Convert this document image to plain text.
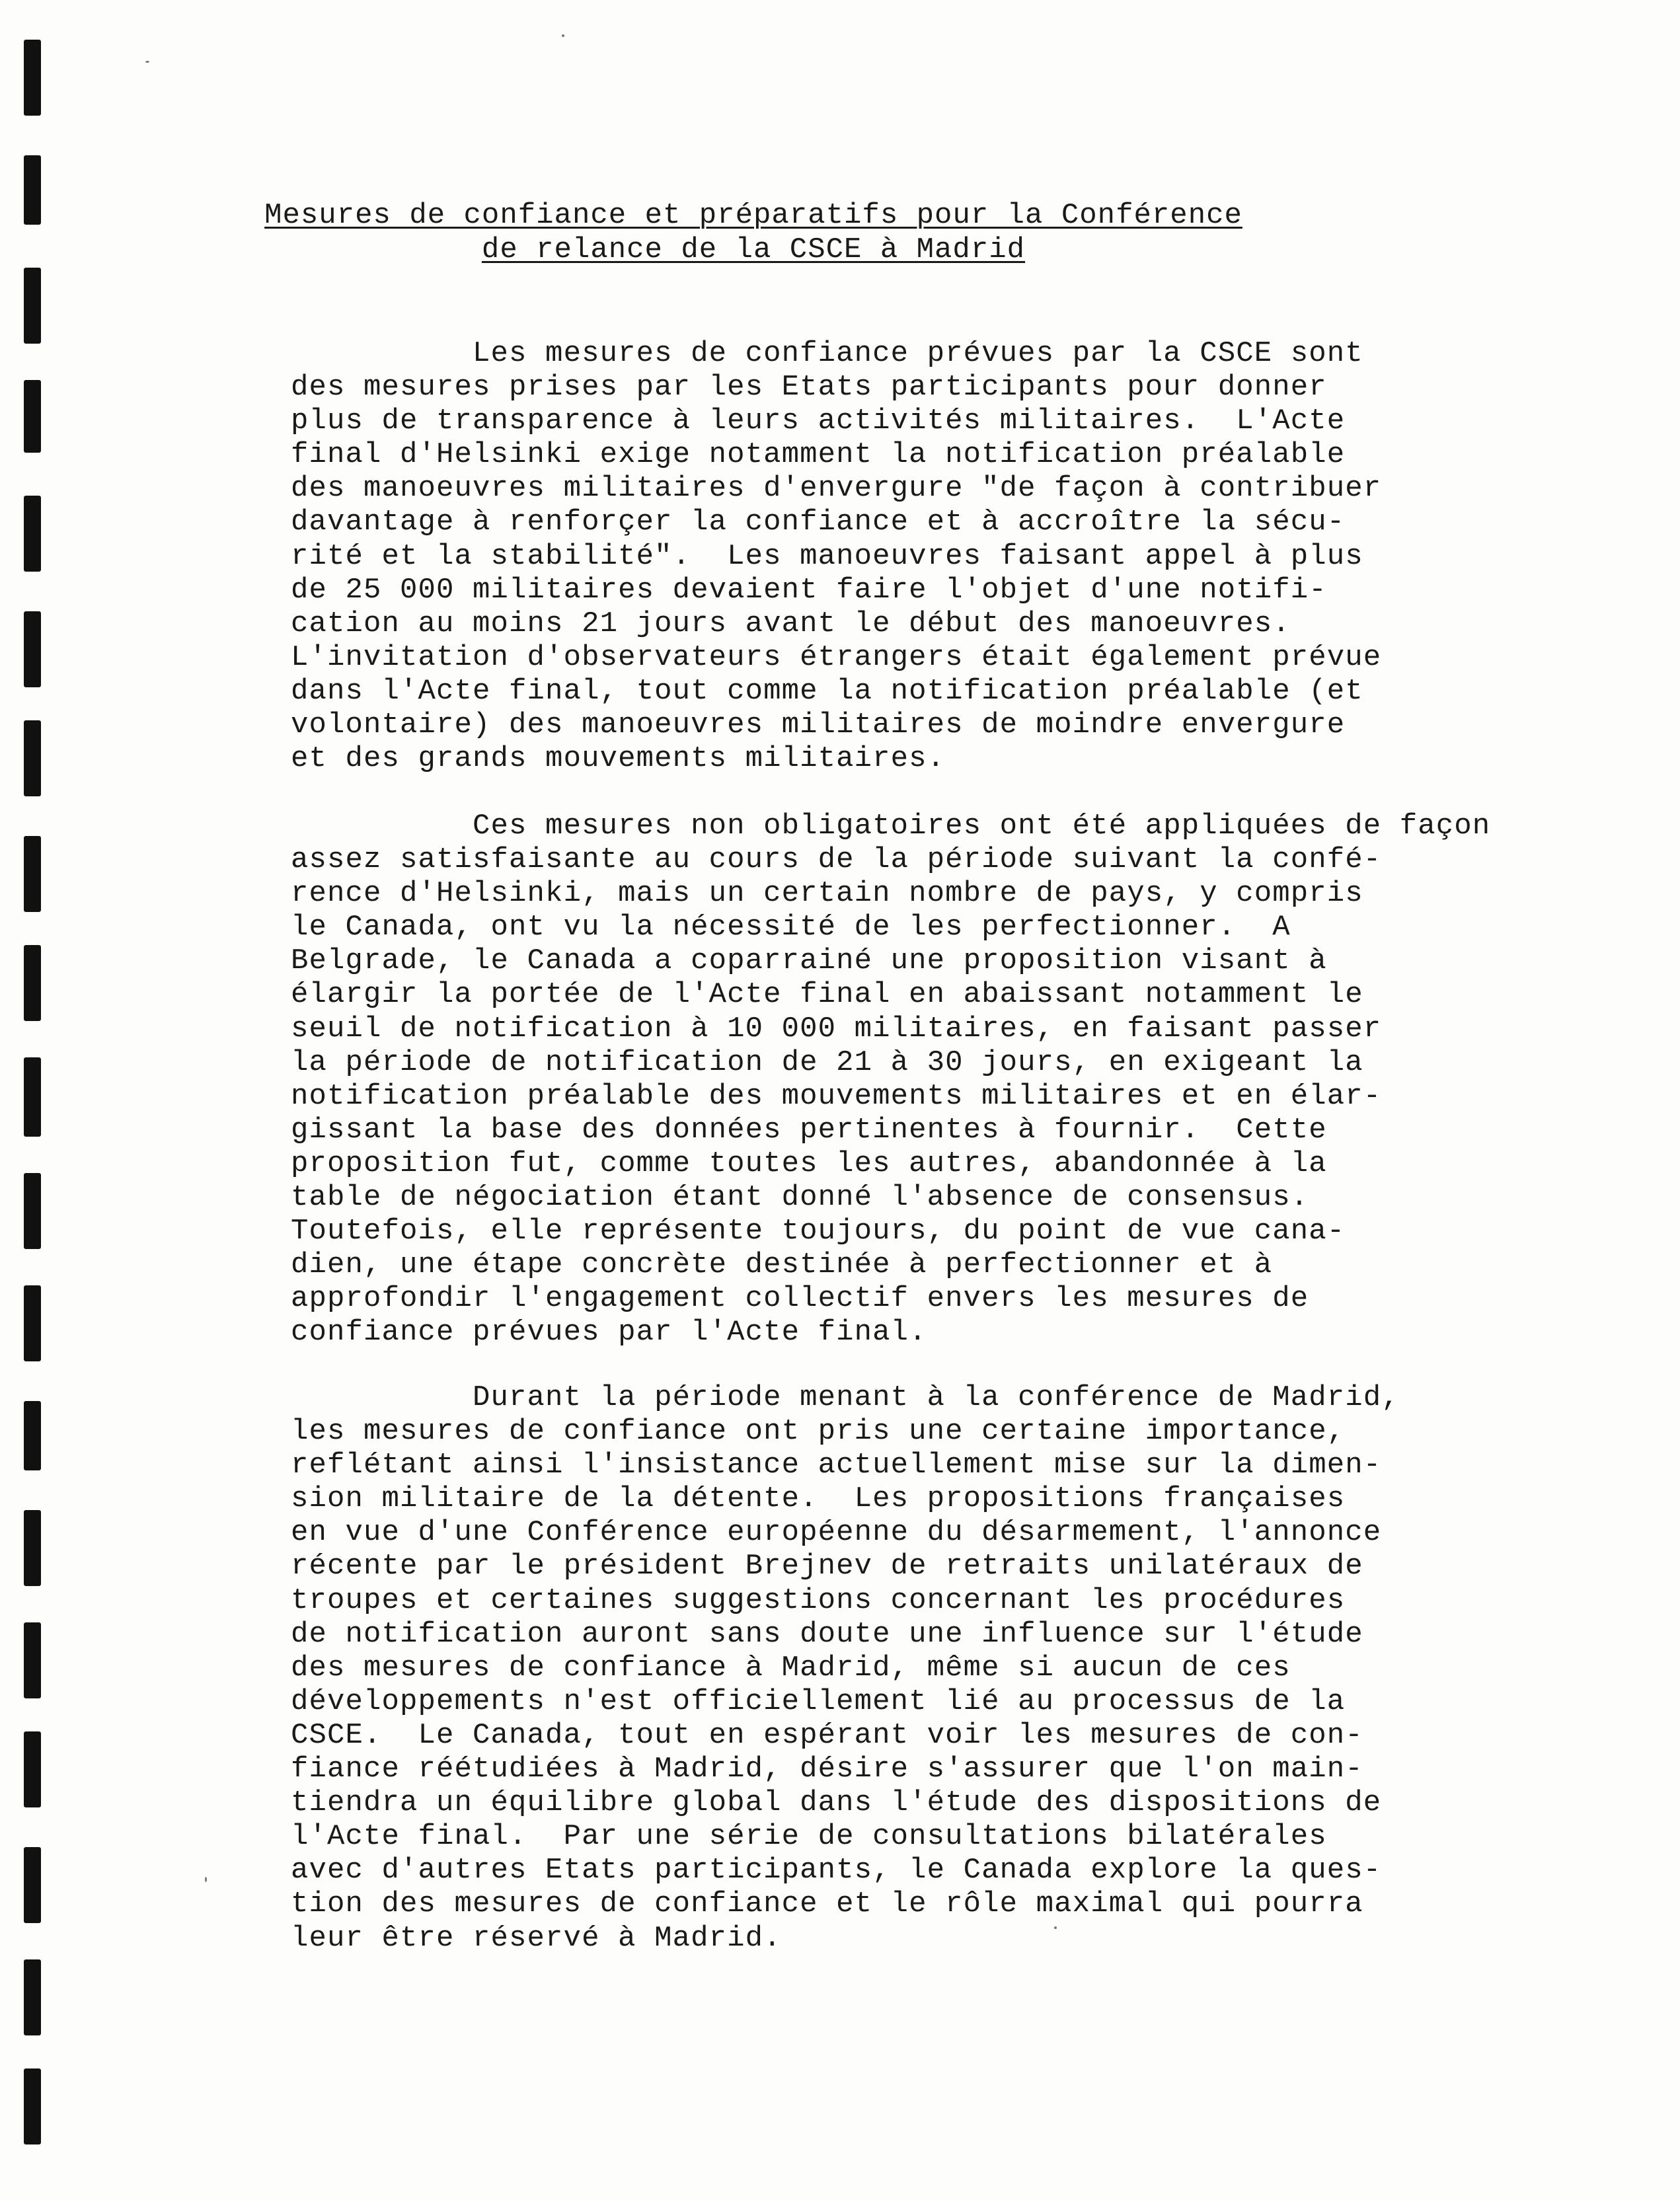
Mesures de confiance et préparatifs pour la Conférence
de relance de la CSCE à Madrid
Les mesures de confiance prévues par la CSCE sont
des mesures prises par les Etats participants pour donner
plus de transparence à leurs activités militaires.  L'Acte
final d'Helsinki exige notamment la notification préalable
des manoeuvres militaires d'envergure "de façon à contribuer
davantage à renforçer la confiance et à accroître la sécu-
rité et la stabilité".  Les manoeuvres faisant appel à plus
de 25 000 militaires devaient faire l'objet d'une notifi-
cation au moins 21 jours avant le début des manoeuvres.
L'invitation d'observateurs étrangers était également prévue
dans l'Acte final, tout comme la notification préalable (et
volontaire) des manoeuvres militaires de moindre envergure
et des grands mouvements militaires.
Ces mesures non obligatoires ont été appliquées de façon
assez satisfaisante au cours de la période suivant la confé-
rence d'Helsinki, mais un certain nombre de pays, y compris
le Canada, ont vu la nécessité de les perfectionner.  A
Belgrade, le Canada a coparrainé une proposition visant à
élargir la portée de l'Acte final en abaissant notamment le
seuil de notification à 10 000 militaires, en faisant passer
la période de notification de 21 à 30 jours, en exigeant la
notification préalable des mouvements militaires et en élar-
gissant la base des données pertinentes à fournir.  Cette
proposition fut, comme toutes les autres, abandonnée à la
table de négociation étant donné l'absence de consensus.
Toutefois, elle représente toujours, du point de vue cana-
dien, une étape concrète destinée à perfectionner et à
approfondir l'engagement collectif envers les mesures de
confiance prévues par l'Acte final.
Durant la période menant à la conférence de Madrid,
les mesures de confiance ont pris une certaine importance,
reflétant ainsi l'insistance actuellement mise sur la dimen-
sion militaire de la détente.  Les propositions françaises
en vue d'une Conférence européenne du désarmement, l'annonce
récente par le président Brejnev de retraits unilatéraux de
troupes et certaines suggestions concernant les procédures
de notification auront sans doute une influence sur l'étude
des mesures de confiance à Madrid, même si aucun de ces
développements n'est officiellement lié au processus de la
CSCE.  Le Canada, tout en espérant voir les mesures de con-
fiance réétudiées à Madrid, désire s'assurer que l'on main-
tiendra un équilibre global dans l'étude des dispositions de
l'Acte final.  Par une série de consultations bilatérales
avec d'autres Etats participants, le Canada explore la ques-
tion des mesures de confiance et le rôle maximal qui pourra
leur être réservé à Madrid.
